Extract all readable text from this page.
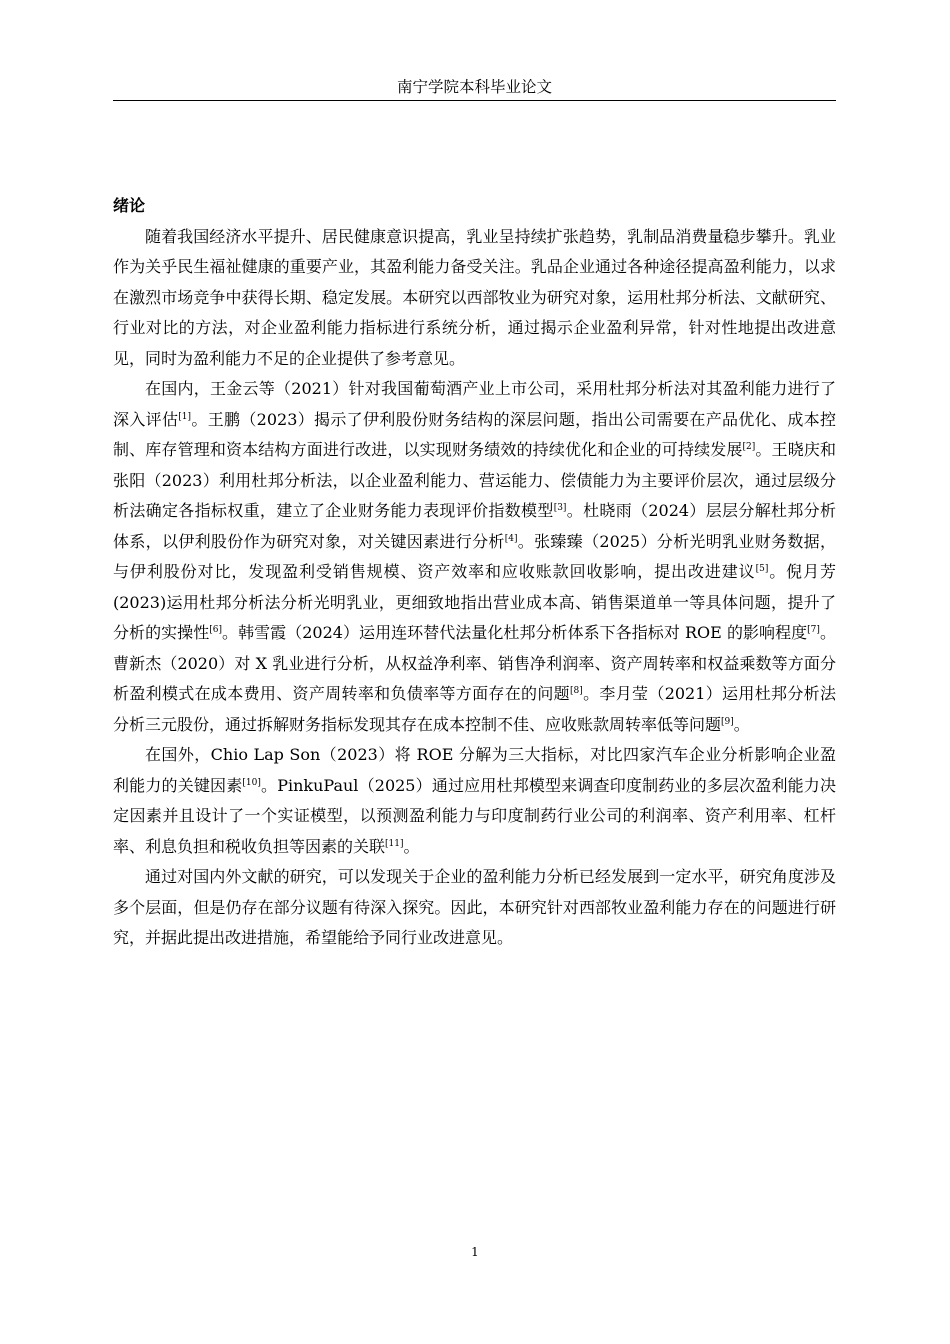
南宁学院本科毕业论文
绪论

随着我国经济水平提升、居民健康意识提高，乳业呈持续扩张趋势，乳制品消费量稳步攀升。乳业作为关乎民生福祉健康的重要产业，其盈利能力备受关注。乳品企业通过各种途径提高盈利能力，以求在激烈市场竞争中获得长期、稳定发展。本研究以西部牧业为研究对象，运用杜邦分析法、文献研究、行业对比的方法，对企业盈利能力指标进行系统分析，通过揭示企业盈利异常，针对性地提出改进意见，同时为盈利能力不足的企业提供了参考意见。

在国内，王金云等（2021）针对我国葡萄酒产业上市公司，采用杜邦分析法对其盈利能力进行了深入评估[1]。王鹏（2023）揭示了伊利股份财务结构的深层问题，指出公司需要在产品优化、成本控制、库存管理和资本结构方面进行改进，以实现财务绩效的持续优化和企业的可持续发展[2]。王晓庆和张阳（2023）利用杜邦分析法，以企业盈利能力、营运能力、偿债能力为主要评价层次，通过层级分析法确定各指标权重，建立了企业财务能力表现评价指数模型[3]。杜晓雨（2024）层层分解杜邦分析体系，以伊利股份作为研究对象，对关键因素进行分析[4]。张臻臻（2025）分析光明乳业财务数据，与伊利股份对比，发现盈利受销售规模、资产效率和应收账款回收影响，提出改进建议[5]。倪月芳(2023)运用杜邦分析法分析光明乳业，更细致地指出营业成本高、销售渠道单一等具体问题，提升了分析的实操性[6]。韩雪霞（2024）运用连环替代法量化杜邦分析体系下各指标对 ROE 的影响程度[7]。曹新杰（2020）对 X 乳业进行分析，从权益净利率、销售净利润率、资产周转率和权益乘数等方面分析盈利模式在成本费用、资产周转率和负债率等方面存在的问题[8]。李月莹（2021）运用杜邦分析法分析三元股份，通过拆解财务指标发现其存在成本控制不佳、应收账款周转率低等问题[9]。

在国外，Chio Lap Son（2023）将 ROE 分解为三大指标，对比四家汽车企业分析影响企业盈利能力的关键因素[10]。PinkuPaul（2025）通过应用杜邦模型来调查印度制药业的多层次盈利能力决定因素并且设计了一个实证模型，以预测盈利能力与印度制药行业公司的利润率、资产利用率、杠杆率、利息负担和税收负担等因素的关联[11]。

通过对国内外文献的研究，可以发现关于企业的盈利能力分析已经发展到一定水平，研究角度涉及多个层面，但是仍存在部分议题有待深入探究。因此，本研究针对西部牧业盈利能力存在的问题进行研究，并据此提出改进措施，希望能给予同行业改进意见。

1
